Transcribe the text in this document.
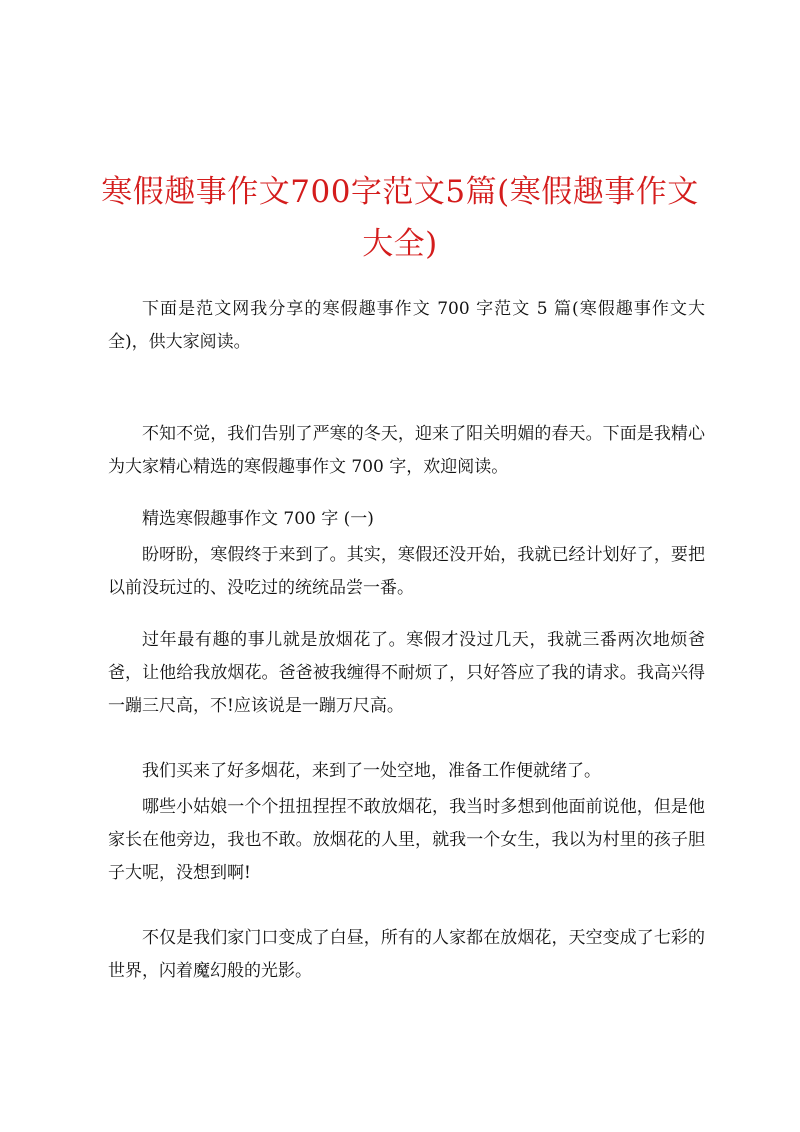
寒假趣事作文700字范文5篇(寒假趣事作文大全)

下面是范文网我分享的寒假趣事作文 700 字范文 5 篇(寒假趣事作文大全)，供大家阅读。

不知不觉，我们告别了严寒的冬天，迎来了阳关明媚的春天。下面是我精心为大家精心精选的寒假趣事作文 700 字，欢迎阅读。

精选寒假趣事作文 700 字 (一)

盼呀盼，寒假终于来到了。其实，寒假还没开始，我就已经计划好了，要把以前没玩过的、没吃过的统统品尝一番。

过年最有趣的事儿就是放烟花了。寒假才没过几天，我就三番两次地烦爸爸，让他给我放烟花。爸爸被我缠得不耐烦了，只好答应了我的请求。我高兴得一蹦三尺高，不!应该说是一蹦万尺高。

我们买来了好多烟花，来到了一处空地，准备工作便就绪了。

哪些小姑娘一个个扭扭捏捏不敢放烟花，我当时多想到他面前说他，但是他家长在他旁边，我也不敢。放烟花的人里，就我一个女生，我以为村里的孩子胆子大呢，没想到啊!

不仅是我们家门口变成了白昼，所有的人家都在放烟花，天空变成了七彩的世界，闪着魔幻般的光影。
